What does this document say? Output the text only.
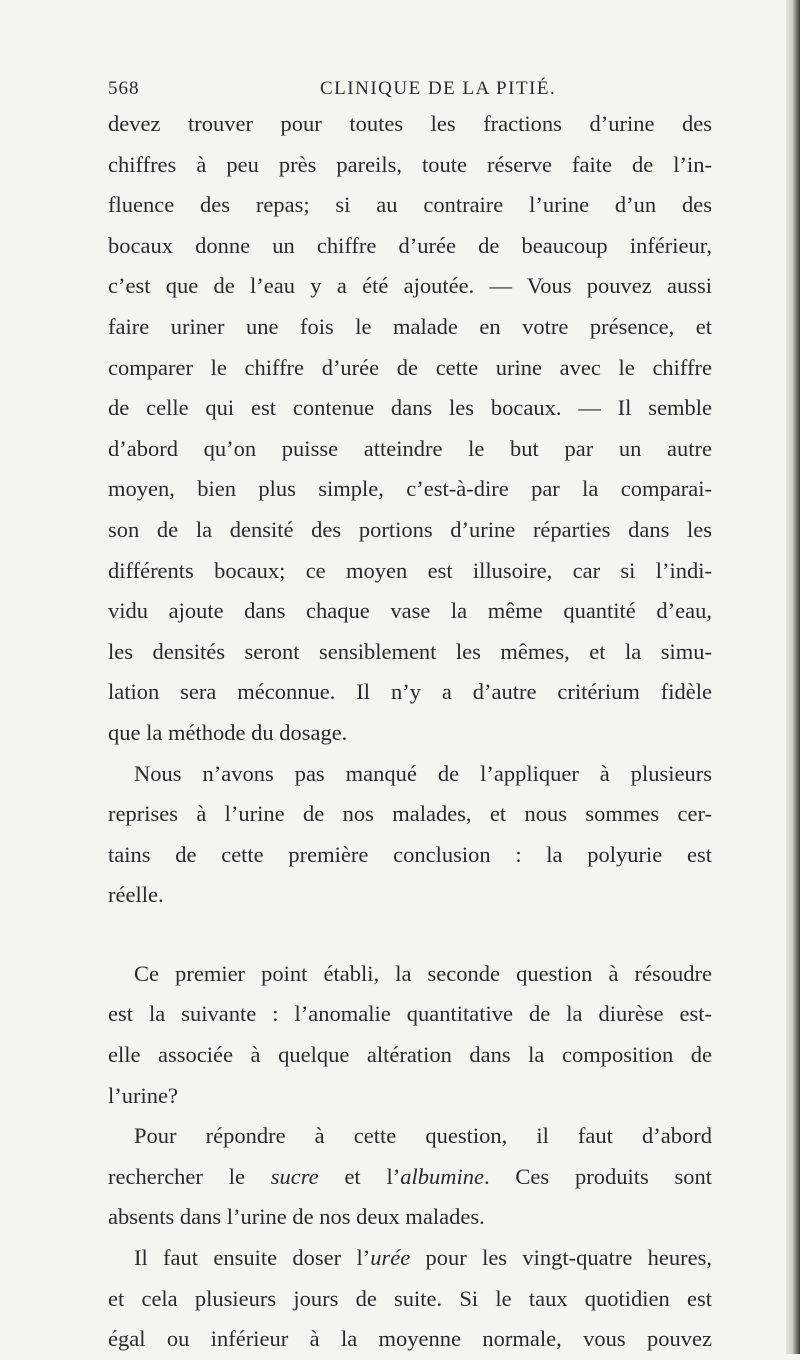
568	CLINIQUE DE LA PITIÉ.
devez trouver pour toutes les fractions d’urine des
chiffres à peu près pareils, toute réserve faite de l’in-
fluence des repas; si au contraire l’urine d’un des
bocaux donne un chiffre d’urée de beaucoup inférieur,
c’est que de l’eau y a été ajoutée. — Vous pouvez aussi
faire uriner une fois le malade en votre présence, et
comparer le chiffre d’urée de cette urine avec le chiffre
de celle qui est contenue dans les bocaux. — Il semble
d’abord qu’on puisse atteindre le but par un autre
moyen, bien plus simple, c’est-à-dire par la comparai-
son de la densité des portions d’urine réparties dans les
différents bocaux; ce moyen est illusoire, car si l’indi-
vidu ajoute dans chaque vase la même quantité d’eau,
les densités seront sensiblement les mêmes, et la simu-
lation sera méconnue. Il n’y a d’autre critérium fidèle
que la méthode du dosage.
Nous n’avons pas manqué de l’appliquer à plusieurs
reprises à l’urine de nos malades, et nous sommes cer-
tains de cette première conclusion : la polyurie est
réelle.
Ce premier point établi, la seconde question à résoudre
est la suivante : l’anomalie quantitative de la diurèse est-
elle associée à quelque altération dans la composition de
l’urine?
Pour répondre à cette question, il faut d’abord
rechercher le sucre et l’albumine. Ces produits sont
absents dans l’urine de nos deux malades.
Il faut ensuite doser l’urée pour les vingt-quatre heures,
et cela plusieurs jours de suite. Si le taux quotidien est
égal ou inférieur à la moyenne normale, vous pouvez
